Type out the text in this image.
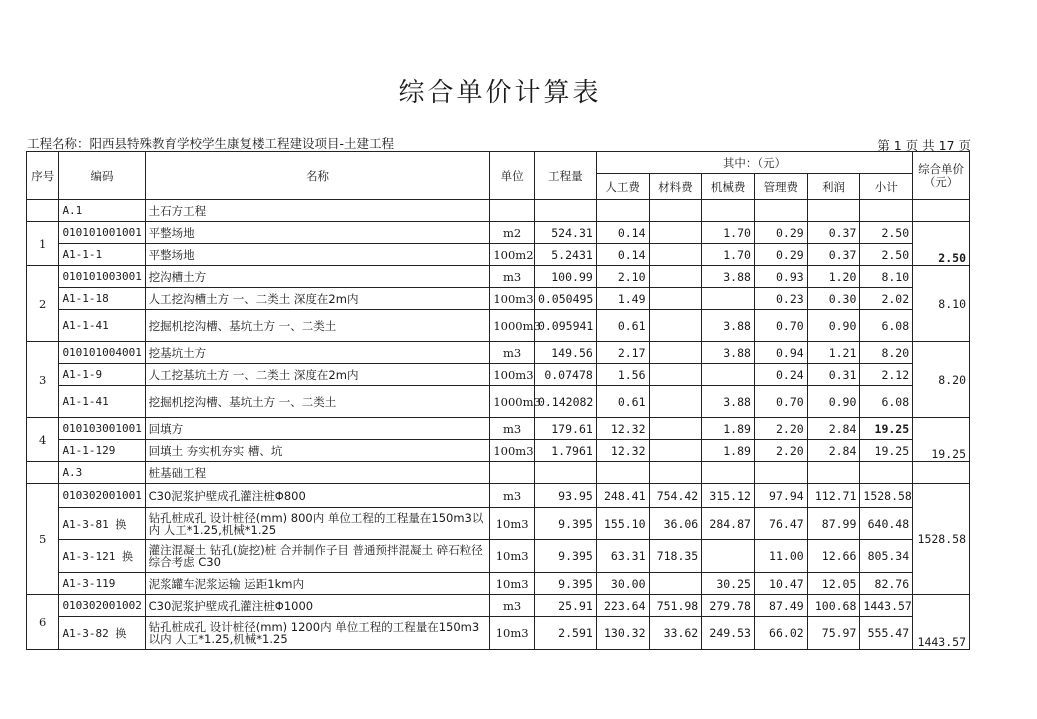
综合单价计算表
工程名称：阳西县特殊教育学校学生康复楼工程建设项目-土建工程	第 1 页 共 17 页
序号	编码	名称	单位	工程量	其中：（元）						综合单价（元）
					人工费	材料费	机械费	管理费	利润	小计	
	A.1	土石方工程									
1	010101001001	平整场地	m2	524.31	0.14		1.70	0.29	0.37	2.50	2.50
	A1-1-1	平整场地	100m2	5.2431	0.14		1.70	0.29	0.37	2.50	
2	010101003001	挖沟槽土方	m3	100.99	2.10		3.88	0.93	1.20	8.10	8.10
	A1-1-18	人工挖沟槽土方 一、二类土 深度在2m内	100m3	0.050495	1.49			0.23	0.30	2.02	
	A1-1-41	挖掘机挖沟槽、基坑土方 一、二类土	1000m3	0.095941	0.61		3.88	0.70	0.90	6.08	
3	010101004001	挖基坑土方	m3	149.56	2.17		3.88	0.94	1.21	8.20	8.20
	A1-1-9	人工挖基坑土方 一、二类土 深度在2m内	100m3	0.07478	1.56			0.24	0.31	2.12	
	A1-1-41	挖掘机挖沟槽、基坑土方 一、二类土	1000m3	0.142082	0.61		3.88	0.70	0.90	6.08	
4	010103001001	回填方	m3	179.61	12.32		1.89	2.20	2.84	19.25	19.25
	A1-1-129	回填土 夯实机夯实 槽、坑	100m3	1.7961	12.32		1.89	2.20	2.84	19.25	
	A.3	桩基础工程									
5	010302001001	C30泥浆护壁成孔灌注桩Φ800	m3	93.95	248.41	754.42	315.12	97.94	112.71	1528.58	1528.58
	A1-3-81 换	钻孔桩成孔 设计桩径(mm) 800内 单位工程的工程量在150m3以内 人工*1.25,机械*1.25	10m3	9.395	155.10	36.06	284.87	76.47	87.99	640.48	
	A1-3-121 换	灌注混凝土 钻孔(旋挖)桩 合并制作子目 普通预拌混凝土 碎石粒径综合考虑 C30	10m3	9.395	63.31	718.35		11.00	12.66	805.34	
	A1-3-119	泥浆罐车泥浆运输 运距1km内	10m3	9.395	30.00		30.25	10.47	12.05	82.76	
6	010302001002	C30泥浆护壁成孔灌注桩Φ1000	m3	25.91	223.64	751.98	279.78	87.49	100.68	1443.57	1443.57
	A1-3-82 换	钻孔桩成孔 设计桩径(mm) 1200内 单位工程的工程量在150m3以内 人工*1.25,机械*1.25	10m3	2.591	130.32	33.62	249.53	66.02	75.97	555.47	
